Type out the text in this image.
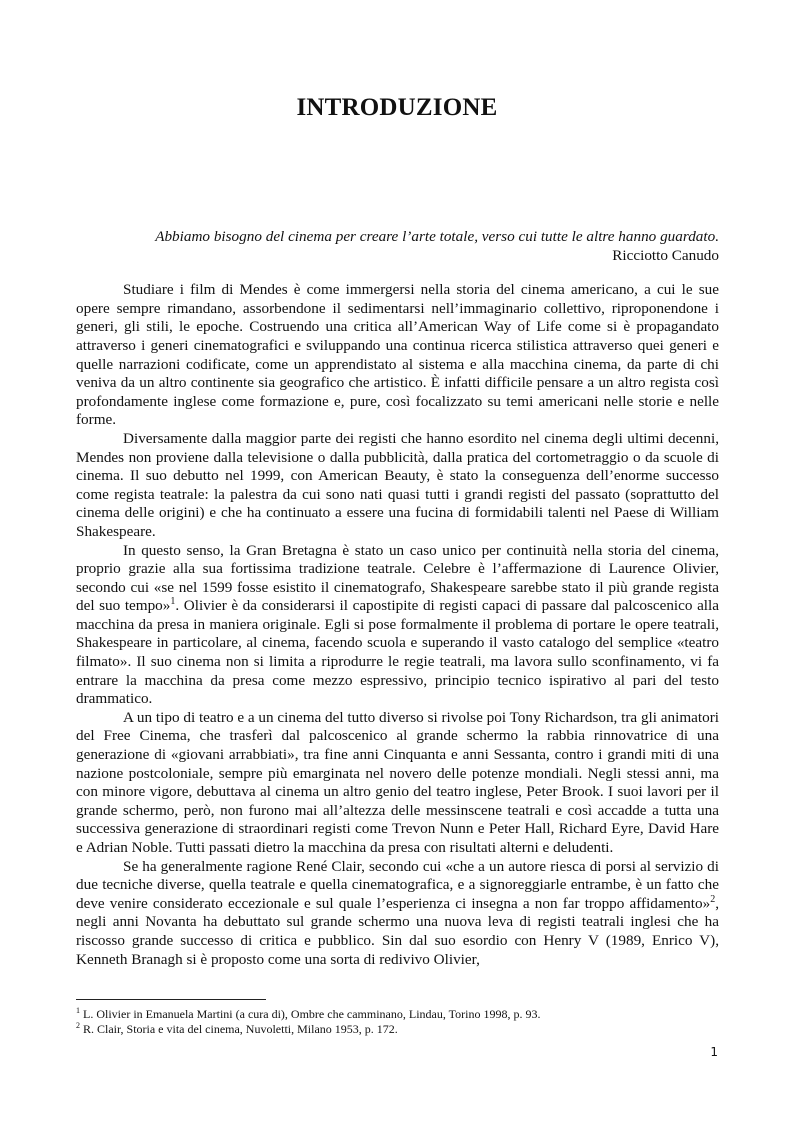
INTRODUZIONE

Abbiamo bisogno del cinema per creare l’arte totale, verso cui tutte le altre hanno guardato.

Ricciotto Canudo

Studiare i film di Mendes è come immergersi nella storia del cinema americano, a cui le sue opere sempre rimandano, assorbendone il sedimentarsi nell’immaginario collettivo, riproponendone i generi, gli stili, le epoche. Costruendo una critica all’American Way of Life come si è propagandato attraverso i generi cinematografici e sviluppando una continua ricerca stilistica attraverso quei generi e quelle narrazioni codificate, come un apprendistato al sistema e alla macchina cinema, da parte di chi veniva da un altro continente sia geografico che artistico. È infatti difficile pensare a un altro regista così profondamente inglese come formazione e, pure, così focalizzato su temi americani nelle storie e nelle forme.

Diversamente dalla maggior parte dei registi che hanno esordito nel cinema degli ultimi decenni, Mendes non proviene dalla televisione o dalla pubblicità, dalla pratica del cortometraggio o da scuole di cinema. Il suo debutto nel 1999, con American Beauty, è stato la conseguenza dell’enorme successo come regista teatrale: la palestra da cui sono nati quasi tutti i grandi registi del passato (soprattutto del cinema delle origini) e che ha continuato a essere una fucina di formidabili talenti nel Paese di William Shakespeare.

In questo senso, la Gran Bretagna è stato un caso unico per continuità nella storia del cinema, proprio grazie alla sua fortissima tradizione teatrale. Celebre è l’affermazione di Laurence Olivier, secondo cui «se nel 1599 fosse esistito il cinematografo, Shakespeare sarebbe stato il più grande regista del suo tempo»$^1$. Olivier è da considerarsi il capostipite di registi capaci di passare dal palcoscenico alla macchina da presa in maniera originale. Egli si pose formalmente il problema di portare le opere teatrali, Shakespeare in particolare, al cinema, facendo scuola e superando il vasto catalogo del semplice «teatro filmato». Il suo cinema non si limita a riprodurre le regie teatrali, ma lavora sullo sconfinamento, vi fa entrare la macchina da presa come mezzo espressivo, principio tecnico ispirativo al pari del testo drammatico.

A un tipo di teatro e a un cinema del tutto diverso si rivolse poi Tony Richardson, tra gli animatori del Free Cinema, che trasferì dal palcoscenico al grande schermo la rabbia rinnovatrice di una generazione di «giovani arrabbiati», tra fine anni Cinquanta e anni Sessanta, contro i grandi miti di una nazione postcoloniale, sempre più emarginata nel novero delle potenze mondiali. Negli stessi anni, ma con minore vigore, debuttava al cinema un altro genio del teatro inglese, Peter Brook. I suoi lavori per il grande schermo, però, non furono mai all’altezza delle messinscene teatrali e così accadde a tutta una successiva generazione di straordinari registi come Trevon Nunn e Peter Hall, Richard Eyre, David Hare e Adrian Noble. Tutti passati dietro la macchina da presa con risultati alterni e deludenti.

Se ha generalmente ragione René Clair, secondo cui «che a un autore riesca di porsi al servizio di due tecniche diverse, quella teatrale e quella cinematografica, e a signoreggiarle entrambe, è un fatto che deve venire considerato eccezionale e sul quale l’esperienza ci insegna a non far troppo affidamento»$^2$, negli anni Novanta ha debuttato sul grande schermo una nuova leva di registi teatrali inglesi che ha riscosso grande successo di critica e pubblico. Sin dal suo esordio con Henry V (1989, Enrico V), Kenneth Branagh si è proposto come una sorta di redivivo Olivier,

$^1$ L. Olivier in Emanuela Martini (a cura di), Ombre che camminano, Lindau, Torino 1998, p. 93.

$^2$ R. Clair, Storia e vita del cinema, Nuvoletti, Milano 1953, p. 172.

1
